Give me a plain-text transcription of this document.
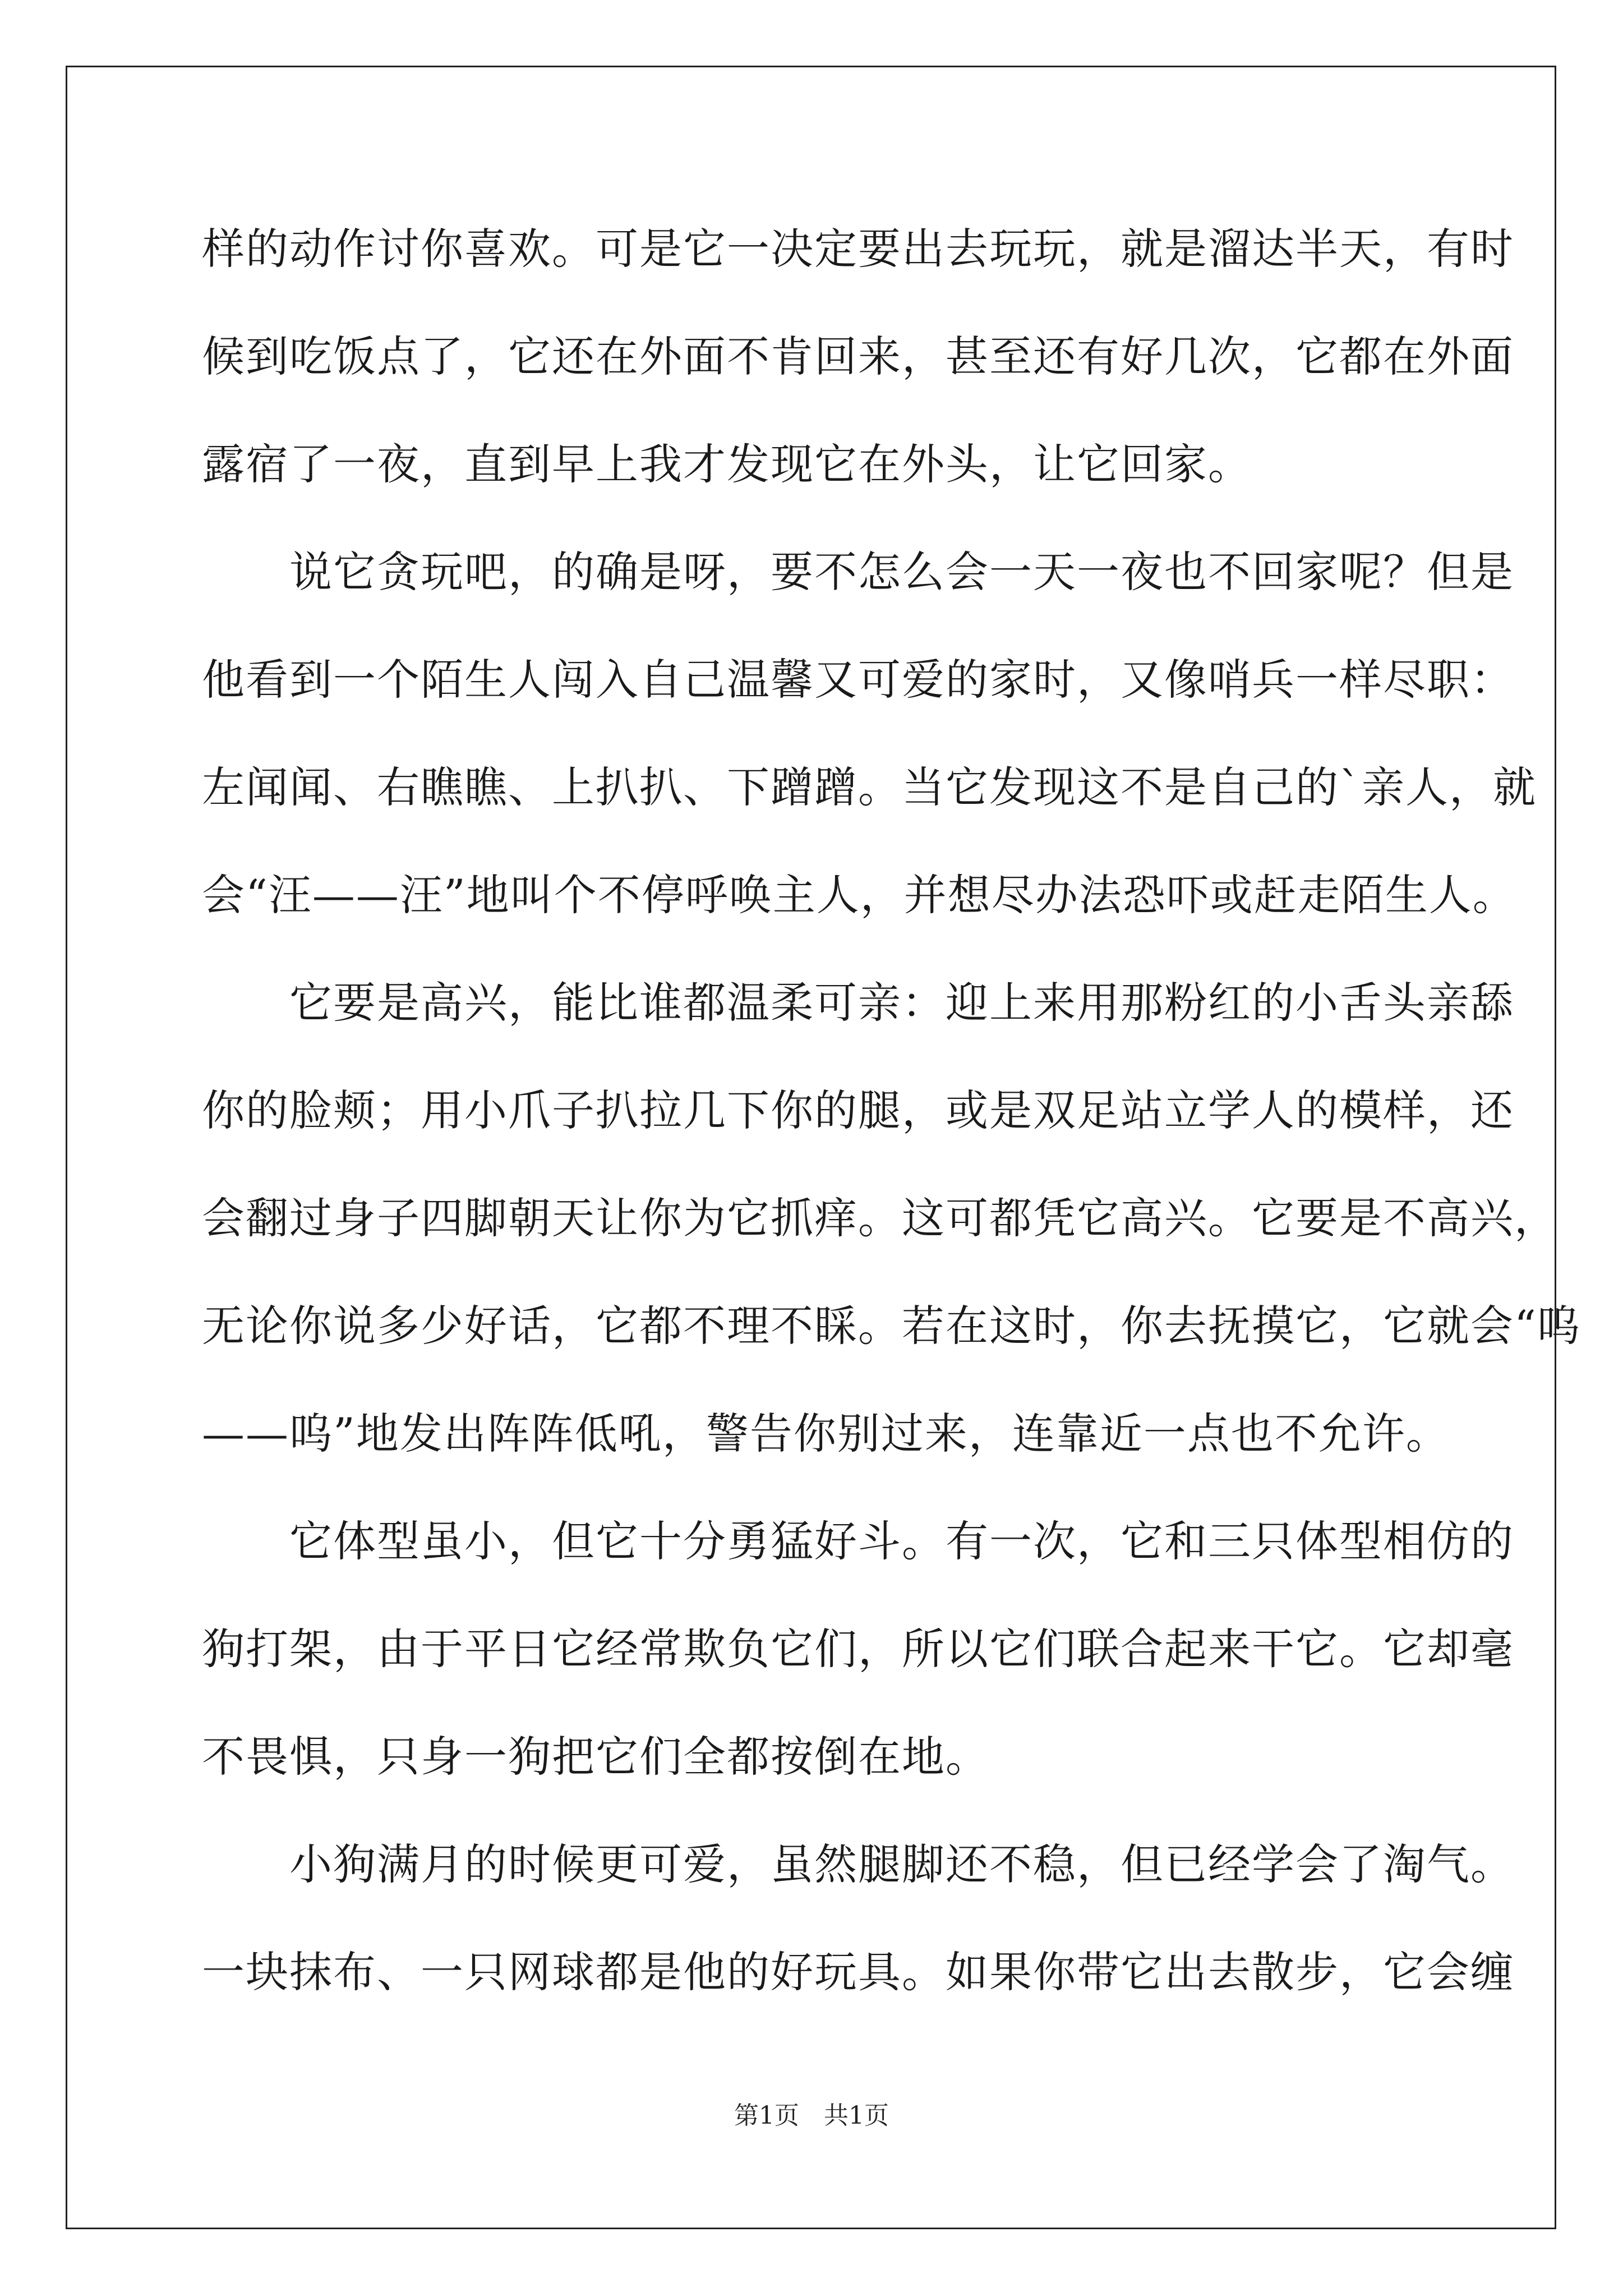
样的动作讨你喜欢。可是它一决定要出去玩玩，就是溜达半天，有时
候到吃饭点了，它还在外面不肯回来，甚至还有好几次，它都在外面
露宿了一夜，直到早上我才发现它在外头，让它回家。
　　说它贪玩吧，的确是呀，要不怎么会一天一夜也不回家呢？但是
他看到一个陌生人闯入自己温馨又可爱的家时，又像哨兵一样尽职：
左闻闻、右瞧瞧、上扒扒、下蹭蹭。当它发现这不是自己的`亲人，就
会“汪——汪”地叫个不停呼唤主人，并想尽办法恐吓或赶走陌生人。
　　它要是高兴，能比谁都温柔可亲：迎上来用那粉红的小舌头亲舔
你的脸颊；用小爪子扒拉几下你的腿，或是双足站立学人的模样，还
会翻过身子四脚朝天让你为它抓痒。这可都凭它高兴。它要是不高兴，
无论你说多少好话，它都不理不睬。若在这时，你去抚摸它，它就会“呜
——呜”地发出阵阵低吼，警告你别过来，连靠近一点也不允许。
　　它体型虽小，但它十分勇猛好斗。有一次，它和三只体型相仿的
狗打架，由于平日它经常欺负它们，所以它们联合起来干它。它却毫
不畏惧，只身一狗把它们全都按倒在地。
　　小狗满月的时候更可爱，虽然腿脚还不稳，但已经学会了淘气。
一块抹布、一只网球都是他的好玩具。如果你带它出去散步，它会缠
第1页　共1页
